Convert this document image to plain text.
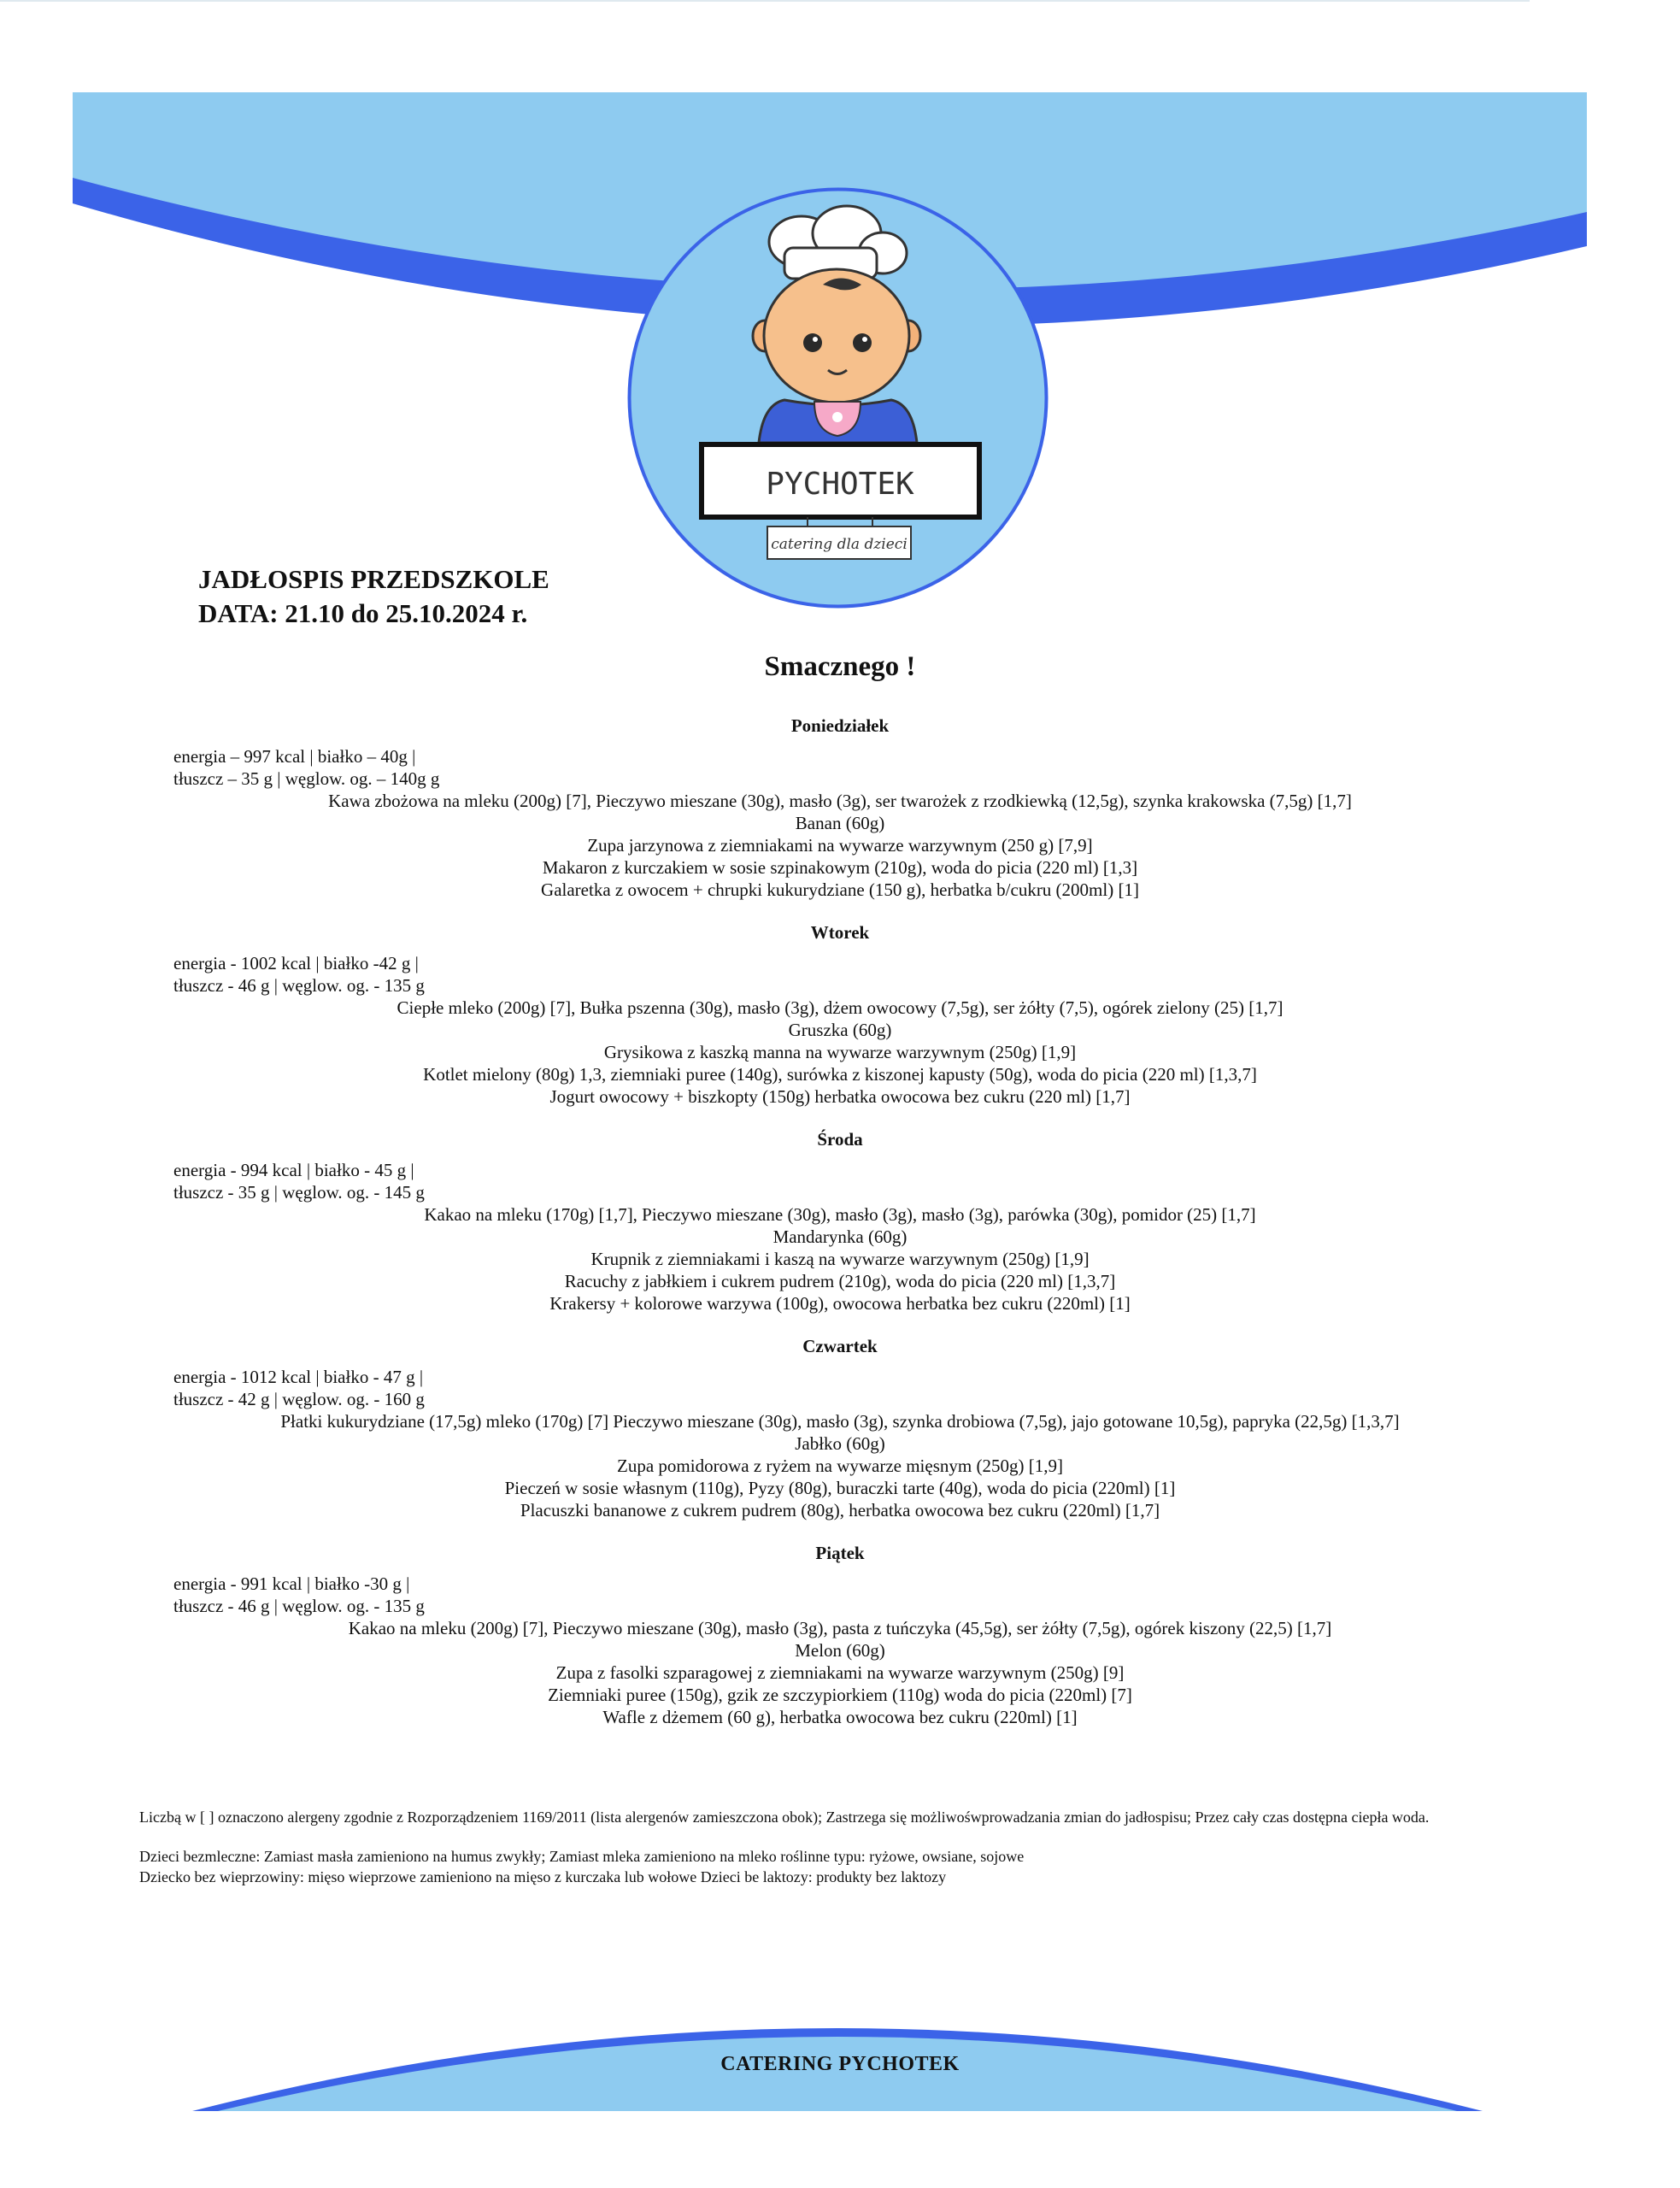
PYCHOTEK
catering dla dzieci
JADŁOSPIS PRZEDSZKOLE
DATA: 21.10 do 25.10.2024 r.
Smacznego !
Poniedziałek
energia – 997 kcal | białko – 40g |
tłuszcz – 35 g | węglow. og. – 140g g
Kawa zbożowa na mleku (200g) [7], Pieczywo mieszane (30g), masło (3g), ser twarożek z rzodkiewką (12,5g), szynka krakowska (7,5g) [1,7]
Banan (60g)
Zupa jarzynowa z ziemniakami na wywarze warzywnym (250 g) [7,9]
Makaron z kurczakiem w sosie szpinakowym (210g), woda do picia (220 ml) [1,3]
Galaretka z owocem + chrupki kukurydziane (150 g), herbatka b/cukru (200ml) [1]
Wtorek
energia - 1002 kcal | białko -42 g |
tłuszcz - 46 g | węglow. og. - 135 g
Ciepłe mleko (200g) [7], Bułka pszenna (30g), masło (3g), dżem owocowy (7,5g), ser żółty (7,5), ogórek zielony (25) [1,7]
Gruszka (60g)
Grysikowa z kaszką manna na wywarze warzywnym (250g) [1,9]
Kotlet mielony (80g) 1,3, ziemniaki puree (140g), surówka z kiszonej kapusty (50g), woda do picia (220 ml) [1,3,7]
Jogurt owocowy + biszkopty (150g) herbatka owocowa bez cukru (220 ml) [1,7]
Środa
energia - 994 kcal | białko - 45 g |
tłuszcz - 35 g | węglow. og. - 145 g
Kakao na mleku (170g) [1,7], Pieczywo mieszane (30g), masło (3g), masło (3g), parówka (30g), pomidor (25) [1,7]
Mandarynka (60g)
Krupnik z ziemniakami i kaszą na wywarze warzywnym (250g) [1,9]
Racuchy z jabłkiem i cukrem pudrem (210g), woda do picia (220 ml) [1,3,7]
Krakersy + kolorowe warzywa (100g), owocowa herbatka bez cukru (220ml) [1]
Czwartek
energia - 1012 kcal | białko - 47 g |
tłuszcz - 42 g | węglow. og. - 160 g
Płatki kukurydziane (17,5g) mleko (170g) [7] Pieczywo mieszane (30g), masło (3g), szynka drobiowa (7,5g), jajo gotowane 10,5g), papryka (22,5g) [1,3,7]
Jabłko (60g)
Zupa pomidorowa z ryżem na wywarze mięsnym (250g) [1,9]
Pieczeń w sosie własnym (110g), Pyzy (80g), buraczki tarte (40g), woda do picia (220ml) [1]
Placuszki bananowe z cukrem pudrem (80g), herbatka owocowa bez cukru (220ml) [1,7]
Piątek
energia - 991 kcal | białko -30 g |
tłuszcz - 46 g | węglow. og. - 135 g
Kakao na mleku (200g) [7], Pieczywo mieszane (30g), masło (3g), pasta z tuńczyka (45,5g), ser żółty (7,5g), ogórek kiszony (22,5) [1,7]
Melon (60g)
Zupa z fasolki szparagowej z ziemniakami na wywarze warzywnym (250g) [9]
Ziemniaki puree (150g), gzik ze szczypiorkiem (110g) woda do picia (220ml) [7]
Wafle z dżemem (60 g), herbatka owocowa bez cukru (220ml) [1]

Liczbą w [ ] oznaczono alergeny zgodnie z Rozporządzeniem 1169/2011 (lista alergenów zamieszczona obok); Zastrzega się możliwośwprowadzania zmian do jadłospisu; Przez cały czas dostępna ciepła woda.

Dzieci bezmleczne: Zamiast masła zamieniono na humus zwykły; Zamiast mleka zamieniono na mleko roślinne typu: ryżowe, owsiane, sojowe

Dziecko bez wieprzowiny: mięso wieprzowe zamieniono na mięso z kurczaka lub wołowe Dzieci be laktozy: produkty bez laktozy

CATERING PYCHOTEK
